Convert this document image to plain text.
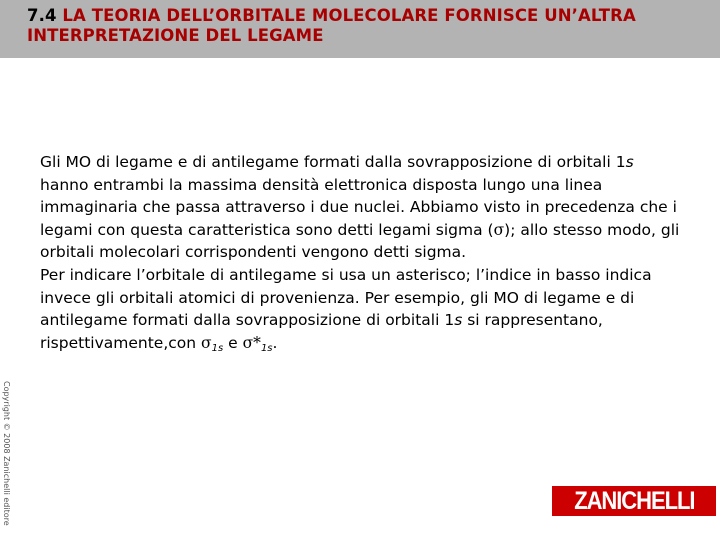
7.4 LA TEORIA DELL’ORBITALE MOLECOLARE FORNISCE UN’ALTRA INTERPRETAZIONE DEL LEGAME

Gli MO di legame e di antilegame formati dalla sovrapposizione di orbitali 1s hanno entrambi la massima densità elettronica disposta lungo una linea immaginaria che passa attraverso i due nuclei. Abbiamo visto in precedenza che i legami con questa caratteristica sono detti legami sigma (σ); allo stesso modo, gli orbitali molecolari corrispondenti vengono detti sigma.

Per indicare l’orbitale di antilegame si usa un asterisco; l’indice in basso indica invece gli orbitali atomici di provenienza. Per esempio, gli MO di legame e di antilegame formati dalla sovrapposizione di orbitali 1s si rappresentano, rispettivamente,con $\sigma_{1s}$ e $\sigma*_{1s}$.

Copyright © 2008 Zanichelli editore	ZANICHELLI
